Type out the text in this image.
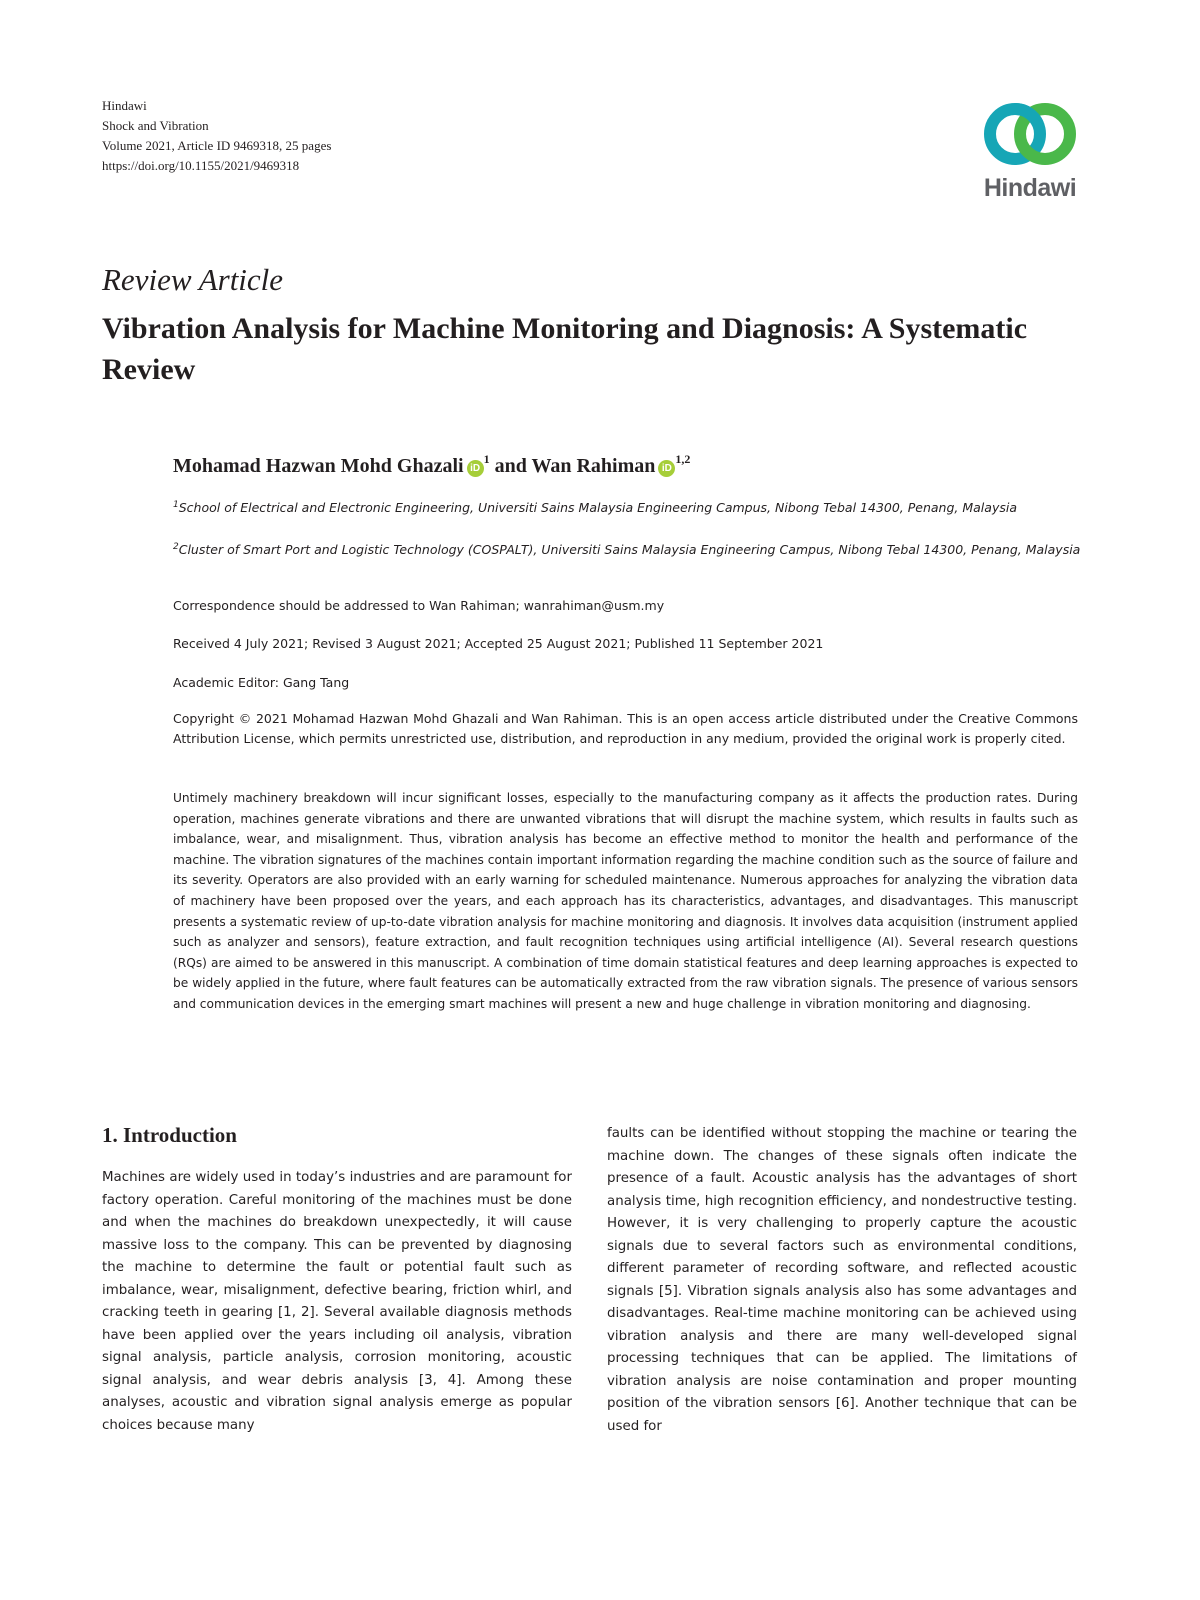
Hindawi
Shock and Vibration
Volume 2021, Article ID 9469318, 25 pages
https://doi.org/10.1155/2021/9469318
Hindawi
Review Article
Vibration Analysis for Machine Monitoring and Diagnosis: A Systematic Review
Mohamad Hazwan Mohd Ghazali $iD^1$ and Wan Rahiman iD$^{1,2}$
$^1$School of Electrical and Electronic Engineering, Universiti Sains Malaysia Engineering Campus, Nibong Tebal 14300, Penang, Malaysia
$^2$Cluster of Smart Port and Logistic Technology (COSPALT), Universiti Sains Malaysia Engineering Campus, Nibong Tebal 14300, Penang, Malaysia
Correspondence should be addressed to Wan Rahiman; wanrahiman@usm.my
Received 4 July 2021; Revised 3 August 2021; Accepted 25 August 2021; Published 11 September 2021
Academic Editor: Gang Tang
Copyright © 2021 Mohamad Hazwan Mohd Ghazali and Wan Rahiman. This is an open access article distributed under the Creative Commons Attribution License, which permits unrestricted use, distribution, and reproduction in any medium, provided the original work is properly cited.

Untimely machinery breakdown will incur significant losses, especially to the manufacturing company as it affects the production rates. During operation, machines generate vibrations and there are unwanted vibrations that will disrupt the machine system, which results in faults such as imbalance, wear, and misalignment. Thus, vibration analysis has become an effective method to monitor the health and performance of the machine. The vibration signatures of the machines contain important information regarding the machine condition such as the source of failure and its severity. Operators are also provided with an early warning for scheduled maintenance. Numerous approaches for analyzing the vibration data of machinery have been proposed over the years, and each approach has its characteristics, advantages, and disadvantages. This manuscript presents a systematic review of up-to-date vibration analysis for machine monitoring and diagnosis. It involves data acquisition (instrument applied such as analyzer and sensors), feature extraction, and fault recognition techniques using artificial intelligence (AI). Several research questions (RQs) are aimed to be answered in this manuscript. A combination of time domain statistical features and deep learning approaches is expected to be widely applied in the future, where fault features can be automatically extracted from the raw vibration signals. The presence of various sensors and communication devices in the emerging smart machines will present a new and huge challenge in vibration monitoring and diagnosing.

1. Introduction

Machines are widely used in today’s industries and are paramount for factory operation. Careful monitoring of the machines must be done and when the machines do breakdown unexpectedly, it will cause massive loss to the company. This can be prevented by diagnosing the machine to determine the fault or potential fault such as imbalance, wear, misalignment, defective bearing, friction whirl, and cracking teeth in gearing [1, 2]. Several available diagnosis methods have been applied over the years including oil analysis, vibration signal analysis, particle analysis, corrosion monitoring, acoustic signal analysis, and wear debris analysis [3, 4]. Among these analyses, acoustic and vibration signal analysis emerge as popular choices because many

faults can be identified without stopping the machine or tearing the machine down. The changes of these signals often indicate the presence of a fault. Acoustic analysis has the advantages of short analysis time, high recognition efficiency, and nondestructive testing. However, it is very challenging to properly capture the acoustic signals due to several factors such as environmental conditions, different parameter of recording software, and reflected acoustic signals [5]. Vibration signals analysis also has some advantages and disadvantages. Real-time machine monitoring can be achieved using vibration analysis and there are many well-developed signal processing techniques that can be applied. The limitations of vibration analysis are noise contamination and proper mounting position of the vibration sensors [6]. Another technique that can be used for
